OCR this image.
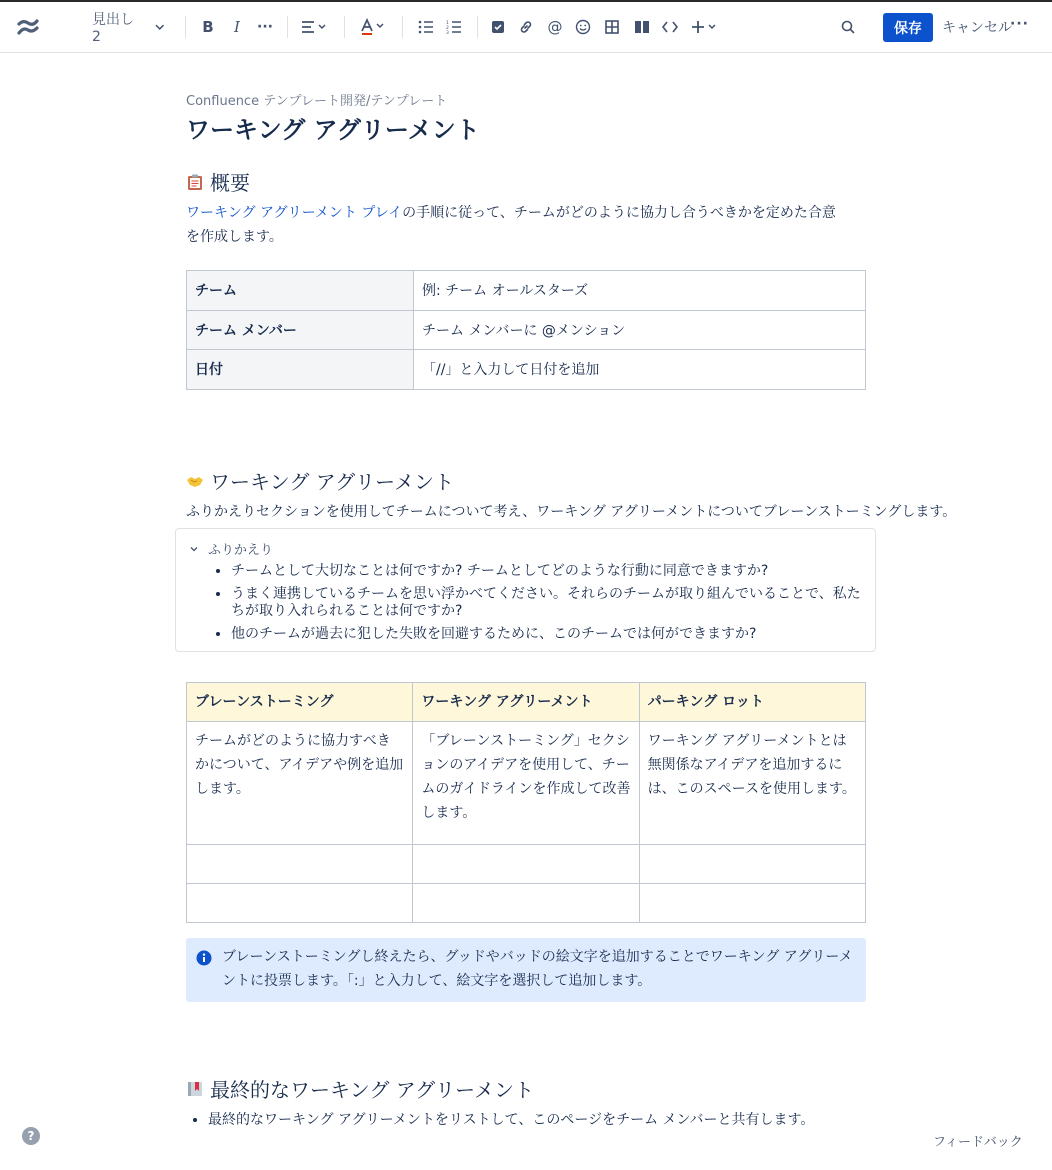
見出し 2
B	I	···	1
2
3	@	保存	キャンセル
···
Confluence テンプレート開発/テンプレート
ワーキング アグリーメント
概要

ワーキング アグリーメント プレイの手順に従って、チームがどのように協力し合うべきかを定めた合意を作成します。

チーム	例: チーム オールスターズ
チーム メンバー	チーム メンバーに @メンション
日付	「//」と入力して日付を追加
ワーキング アグリーメント

ふりかえりセクションを使用してチームについて考え、ワーキング アグリーメントについてブレーンストーミングします。

ふりかえり
• チームとして大切なことは何ですか? チームとしてどのような行動に同意できますか?
• うまく連携しているチームを思い浮かべてください。それらのチームが取り組んでいることで、私たちが取り入れられることは何ですか?
• 他のチームが過去に犯した失敗を回避するために、このチームでは何ができますか?
ブレーンストーミング	ワーキング アグリーメント	パーキング ロット
チームがどのように協力すべきかについて、アイデアや例を追加します。	「ブレーンストーミング」セクションのアイデアを使用して、チームのガイドラインを作成して改善します。	ワーキング アグリーメントとは無関係なアイデアを追加するには、このスペースを使用します。

ブレーンストーミングし終えたら、グッドやバッドの絵文字を追加することでワーキング アグリーメントに投票します。「:」と入力して、絵文字を選択して追加します。
最終的なワーキング アグリーメント
• 最終的なワーキング アグリーメントをリストして、このページをチーム メンバーと共有します。
?	フィードバック
